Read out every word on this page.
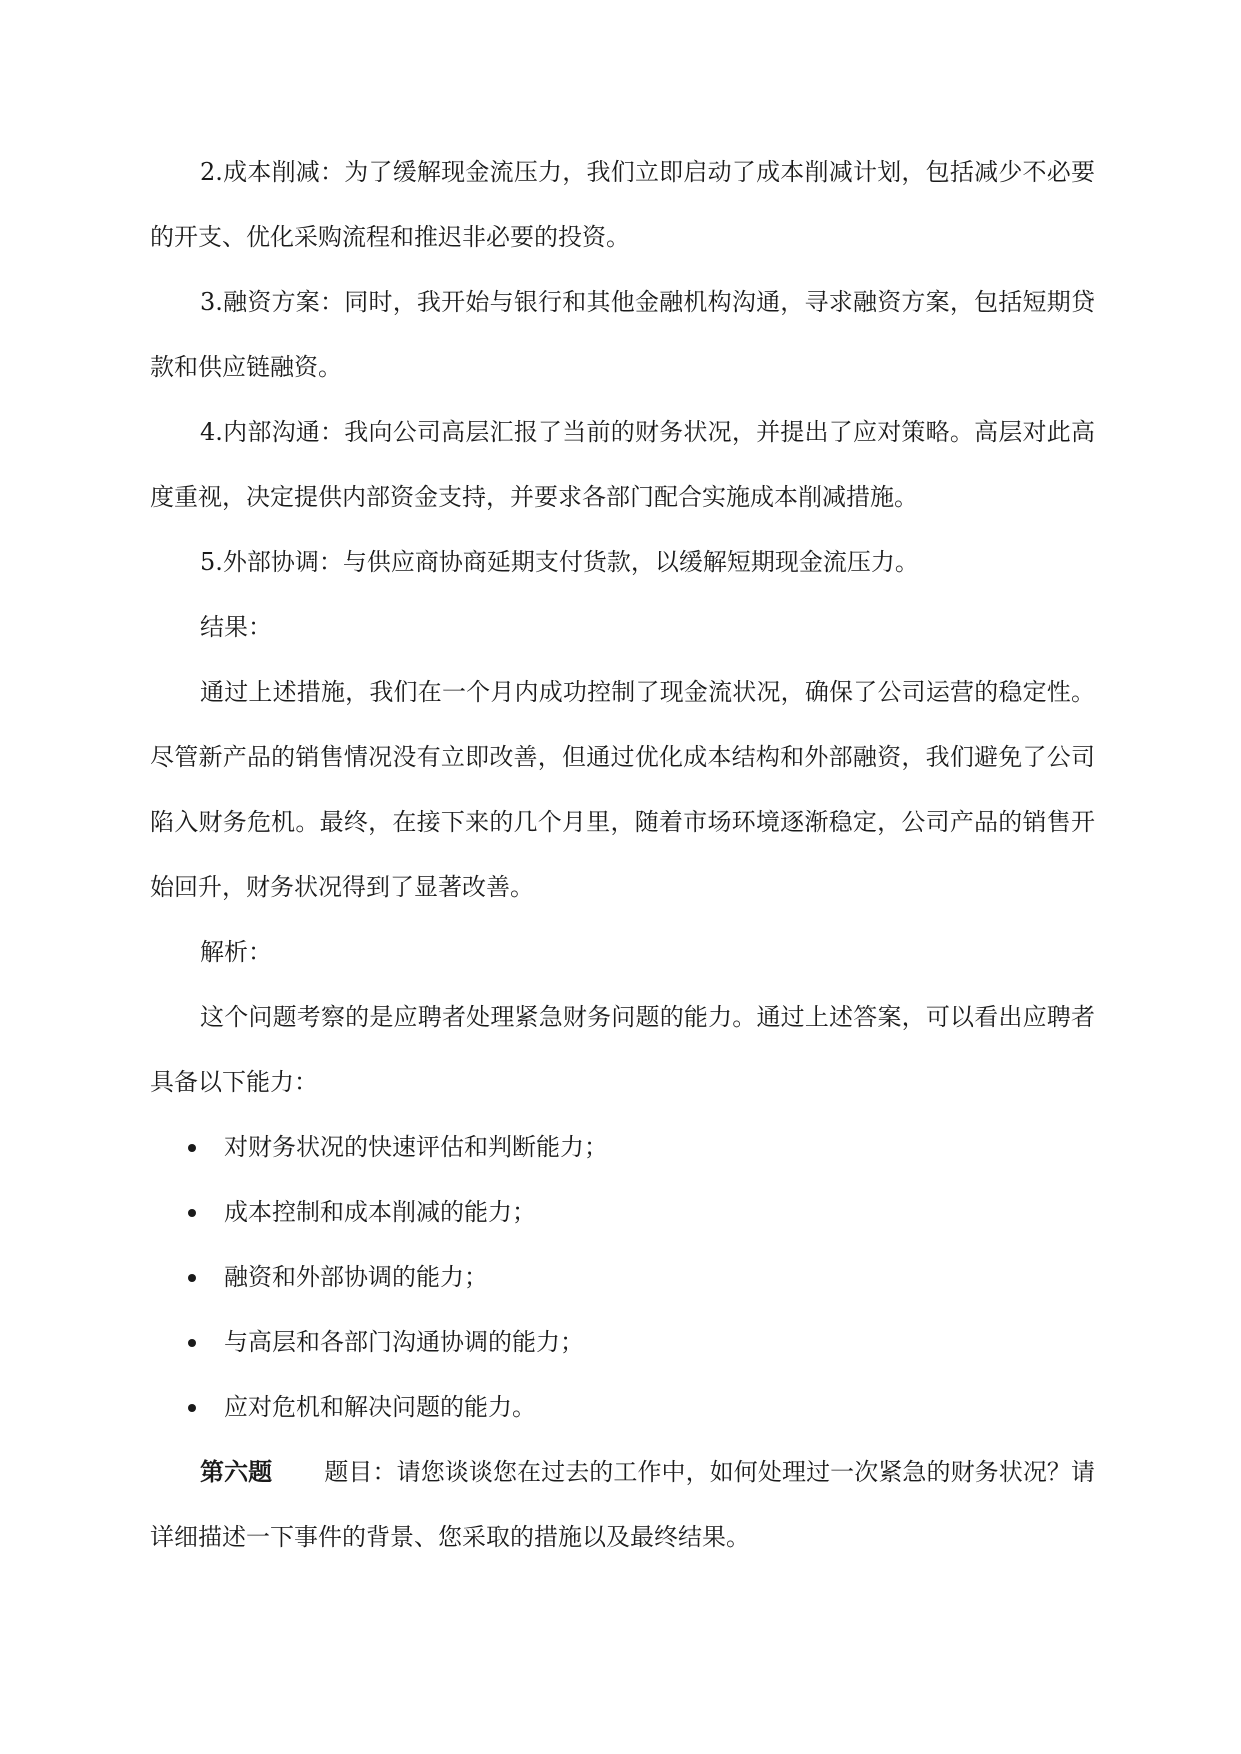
2.成本削减：为了缓解现金流压力，我们立即启动了成本削减计划，包括减少不必要的开支、优化采购流程和推迟非必要的投资。

3.融资方案：同时，我开始与银行和其他金融机构沟通，寻求融资方案，包括短期贷款和供应链融资。

4.内部沟通：我向公司高层汇报了当前的财务状况，并提出了应对策略。高层对此高度重视，决定提供内部资金支持，并要求各部门配合实施成本削减措施。

5.外部协调：与供应商协商延期支付货款，以缓解短期现金流压力。

结果：

通过上述措施，我们在一个月内成功控制了现金流状况，确保了公司运营的稳定性。尽管新产品的销售情况没有立即改善，但通过优化成本结构和外部融资，我们避免了公司陷入财务危机。最终，在接下来的几个月里，随着市场环境逐渐稳定，公司产品的销售开始回升，财务状况得到了显著改善。

解析：

这个问题考察的是应聘者处理紧急财务问题的能力。通过上述答案，可以看出应聘者具备以下能力：

对财务状况的快速评估和判断能力；
成本控制和成本削减的能力；
融资和外部协调的能力；
与高层和各部门沟通协调的能力；
应对危机和解决问题的能力。

第六题 题目：请您谈谈您在过去的工作中，如何处理过一次紧急的财务状况？请详细描述一下事件的背景、您采取的措施以及最终结果。
